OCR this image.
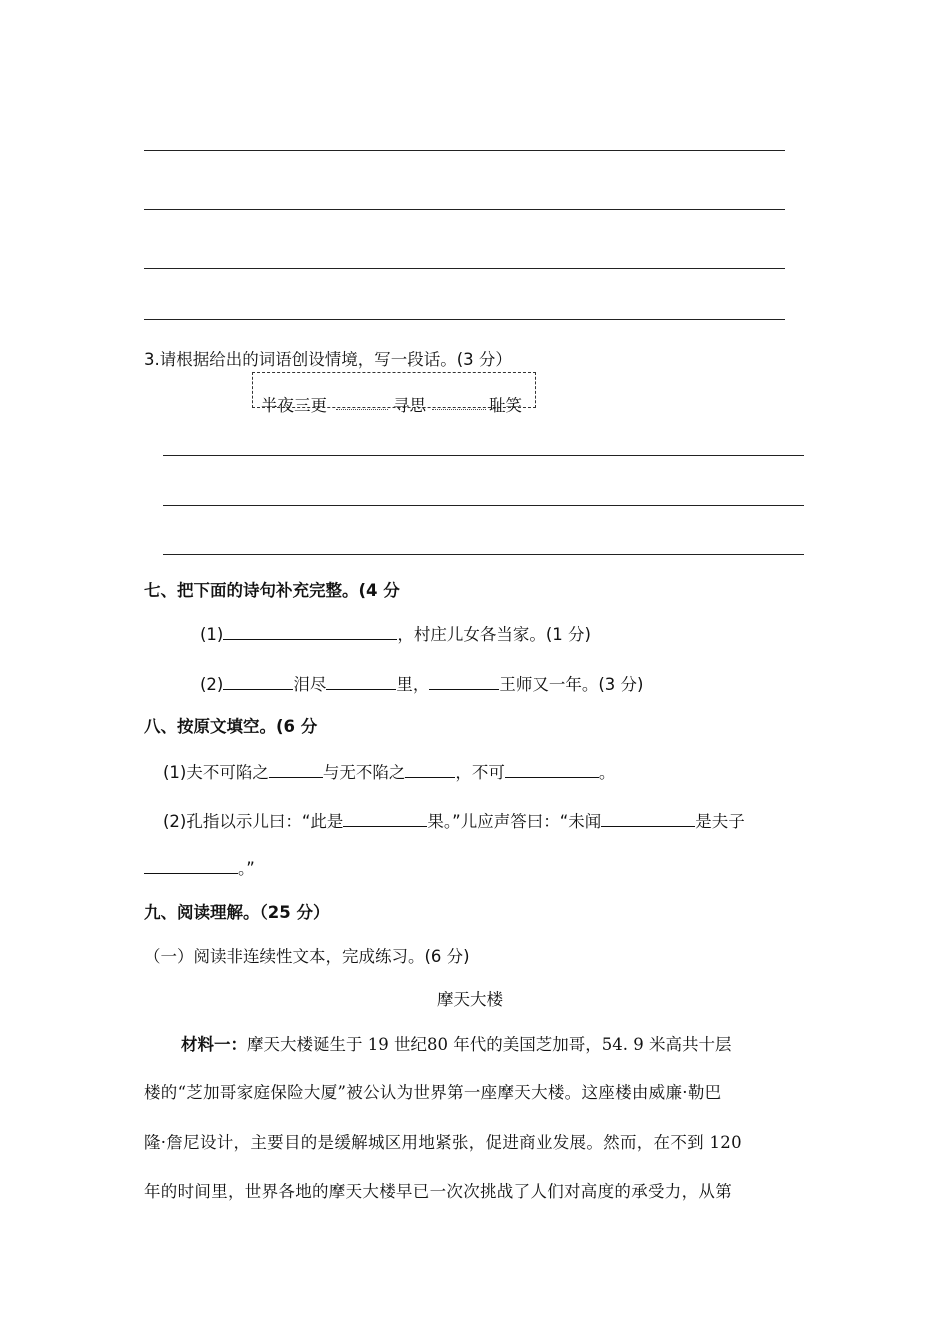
3.请根据给出的词语创设情境，写一段话。(3 分）
半夜三更	寻思	耻笑
七、把下面的诗句补充完整。(4 分
(1)	，村庄儿女各当家。(1 分)
(2)	泪尽	里，	王师又一年。(3 分)
八、按原文填空。(6 分
(1)夫不可陷之	与无不陷之	，不可	。
(2)孔指以示儿曰：“此是	果。”儿应声答曰：“未闻	是夫子
。”
九、阅读理解。（25 分）
（一）阅读非连续性文本，完成练习。(6 分)
摩天大楼
材料一：摩天大楼诞生于 19 世纪80 年代的美国芝加哥，54. 9 米高共十层
楼的“芝加哥家庭保险大厦”被公认为世界第一座摩天大楼。这座楼由威廉·勒巴
隆·詹尼设计，主要目的是缓解城区用地紧张，促进商业发展。然而，在不到 120
年的时间里，世界各地的摩天大楼早已一次次挑战了人们对高度的承受力，从第
